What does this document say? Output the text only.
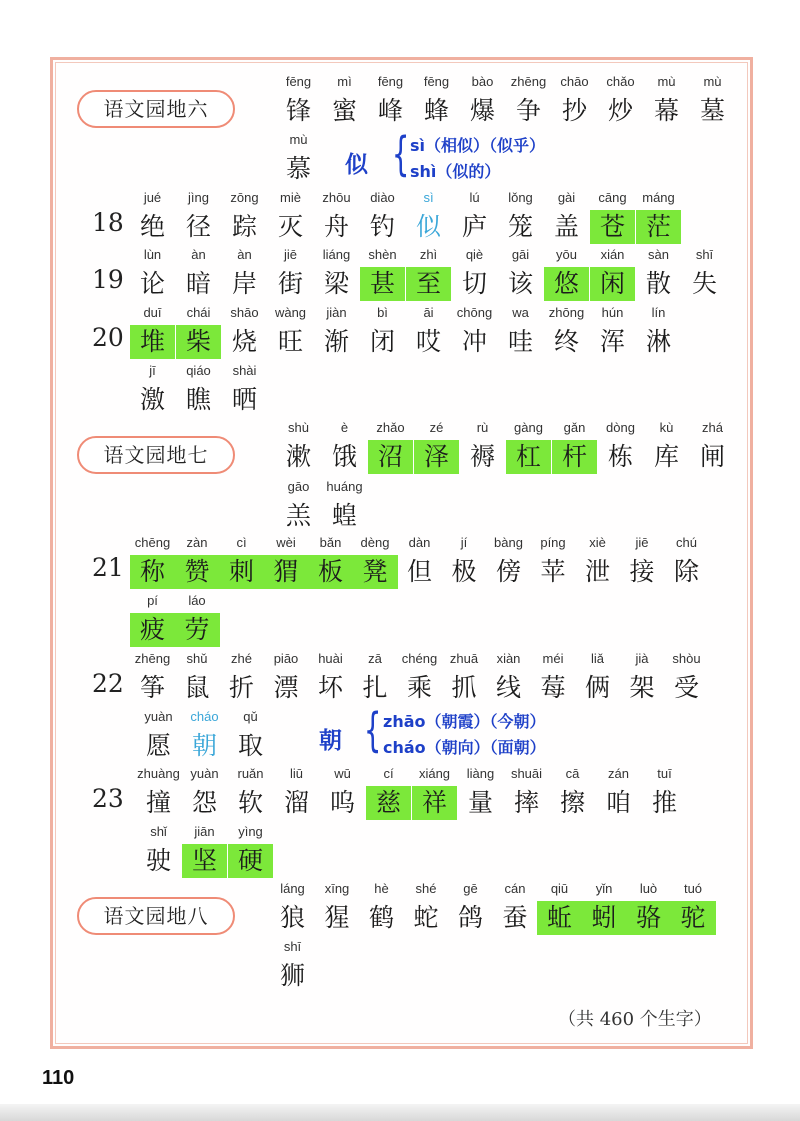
语文园地六
语文园地七
语文园地八
18
19
20
21
22
23
fēng
锋
mì
蜜
fēng
峰
fēng
蜂
bào
爆
zhēng
争
chāo
抄
chǎo
炒
mù
幕
mù
墓
mù
慕
jué
绝
jìng
径
zōng
踪
miè
灭
zhōu
舟
diào
钓
sì
似
lú
庐
lǒng
笼
gài
盖
cāng
苍
máng
茫
lùn
论
àn
暗
àn
岸
jiē
街
liáng
梁
shèn
甚
zhì
至
qiè
切
gāi
该
yōu
悠
xián
闲
sàn
散
shī
失
duī
堆
chái
柴
shāo
烧
wàng
旺
jiàn
渐
bì
闭
āi
哎
chōng
冲
wa
哇
zhōng
终
hún
浑
lín
淋
jī
激
qiáo
瞧
shài
晒
shù
漱
è
饿
zhǎo
沼
zé
泽
rù
褥
gàng
杠
gǎn
杆
dòng
栋
kù
库
zhá
闸
gāo
羔
huáng
蝗
chēng
称
zàn
赞
cì
刺
wèi
猬
bǎn
板
dèng
凳
dàn
但
jí
极
bàng
傍
píng
苹
xiè
泄
jiē
接
chú
除
pí
疲
láo
劳
zhēng
筝
shǔ
鼠
zhé
折
piāo
漂
huài
坏
zā
扎
chéng
乘
zhuā
抓
xiàn
线
méi
莓
liǎ
俩
jià
架
shòu
受
yuàn
愿
cháo
朝
qǔ
取
zhuàng
撞
yuàn
怨
ruǎn
软
liū
溜
wū
呜
cí
慈
xiáng
祥
liàng
量
shuāi
摔
cā
擦
zán
咱
tuī
推
shǐ
驶
jiān
坚
yìng
硬
láng
狼
xīng
猩
hè
鹤
shé
蛇
gē
鸽
cán
蚕
qiū
蚯
yǐn
蚓
luò
骆
tuó
驼
shī
狮
似 { sì（相似）（似乎）
shì（似的）
朝 { zhāo（朝霞）（今朝）
cháo（朝向）（面朝）
（共 460 个生字）
110
